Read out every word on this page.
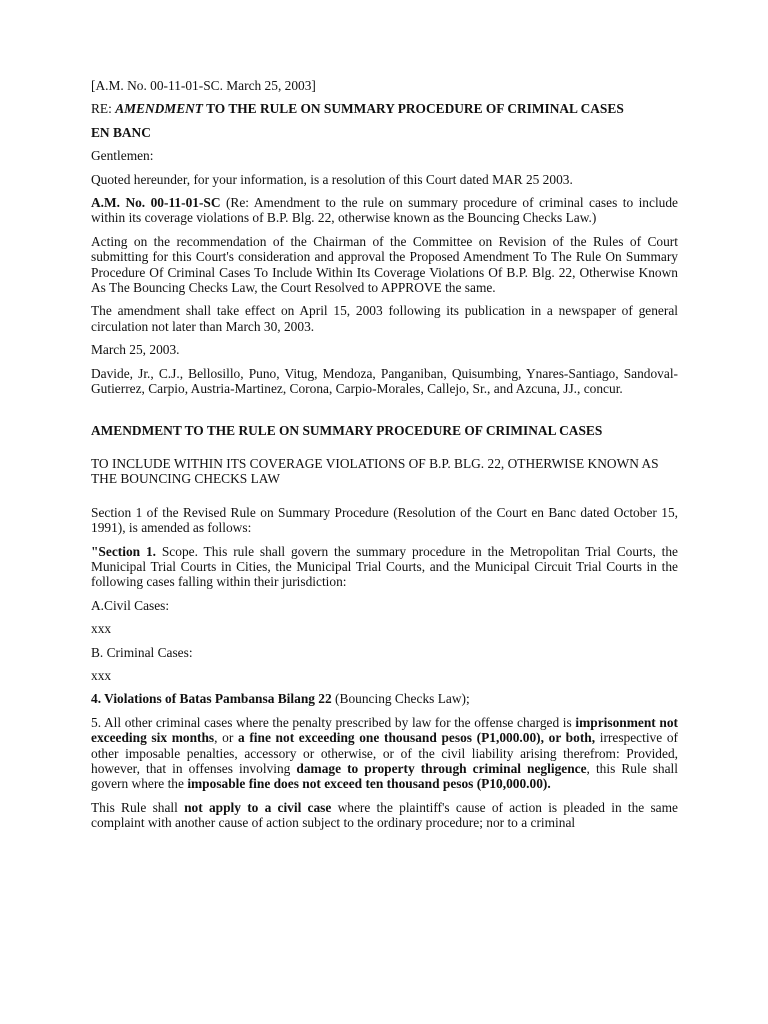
[A.M. No. 00-11-01-SC. March 25, 2003]

RE: AMENDMENT TO THE RULE ON SUMMARY PROCEDURE OF CRIMINAL CASES

EN BANC

Gentlemen:

Quoted hereunder, for your information, is a resolution of this Court dated MAR 25 2003.

A.M. No. 00-11-01-SC (Re: Amendment to the rule on summary procedure of criminal cases to include within its coverage violations of B.P. Blg. 22, otherwise known as the Bouncing Checks Law.)

Acting on the recommendation of the Chairman of the Committee on Revision of the Rules of Court submitting for this Court's consideration and approval the Proposed Amendment To The Rule On Summary Procedure Of Criminal Cases To Include Within Its Coverage Violations Of B.P. Blg. 22, Otherwise Known As The Bouncing Checks Law, the Court Resolved to APPROVE the same.

The amendment shall take effect on April 15, 2003 following its publication in a newspaper of general circulation not later than March 30, 2003.

March 25, 2003.

Davide, Jr., C.J., Bellosillo, Puno, Vitug, Mendoza, Panganiban, Quisumbing, Ynares-Santiago, Sandoval-Gutierrez, Carpio, Austria-Martinez, Corona, Carpio-Morales, Callejo, Sr., and Azcuna, JJ., concur.

AMENDMENT TO THE RULE ON SUMMARY PROCEDURE OF CRIMINAL CASES

TO INCLUDE WITHIN ITS COVERAGE VIOLATIONS OF B.P. BLG. 22, OTHERWISE KNOWN AS THE BOUNCING CHECKS LAW

Section 1 of the Revised Rule on Summary Procedure (Resolution of the Court en Banc dated October 15, 1991), is amended as follows:

"Section 1. Scope. This rule shall govern the summary procedure in the Metropolitan Trial Courts, the Municipal Trial Courts in Cities, the Municipal Trial Courts, and the Municipal Circuit Trial Courts in the following cases falling within their jurisdiction:

A.Civil Cases:

xxx

B. Criminal Cases:

xxx

4. Violations of Batas Pambansa Bilang 22 (Bouncing Checks Law);

5. All other criminal cases where the penalty prescribed by law for the offense charged is imprisonment not exceeding six months, or a fine not exceeding one thousand pesos (P1,000.00), or both, irrespective of other imposable penalties, accessory or otherwise, or of the civil liability arising therefrom: Provided, however, that in offenses involving damage to property through criminal negligence, this Rule shall govern where the imposable fine does not exceed ten thousand pesos (P10,000.00).

This Rule shall not apply to a civil case where the plaintiff's cause of action is pleaded in the same complaint with another cause of action subject to the ordinary procedure; nor to a criminal
